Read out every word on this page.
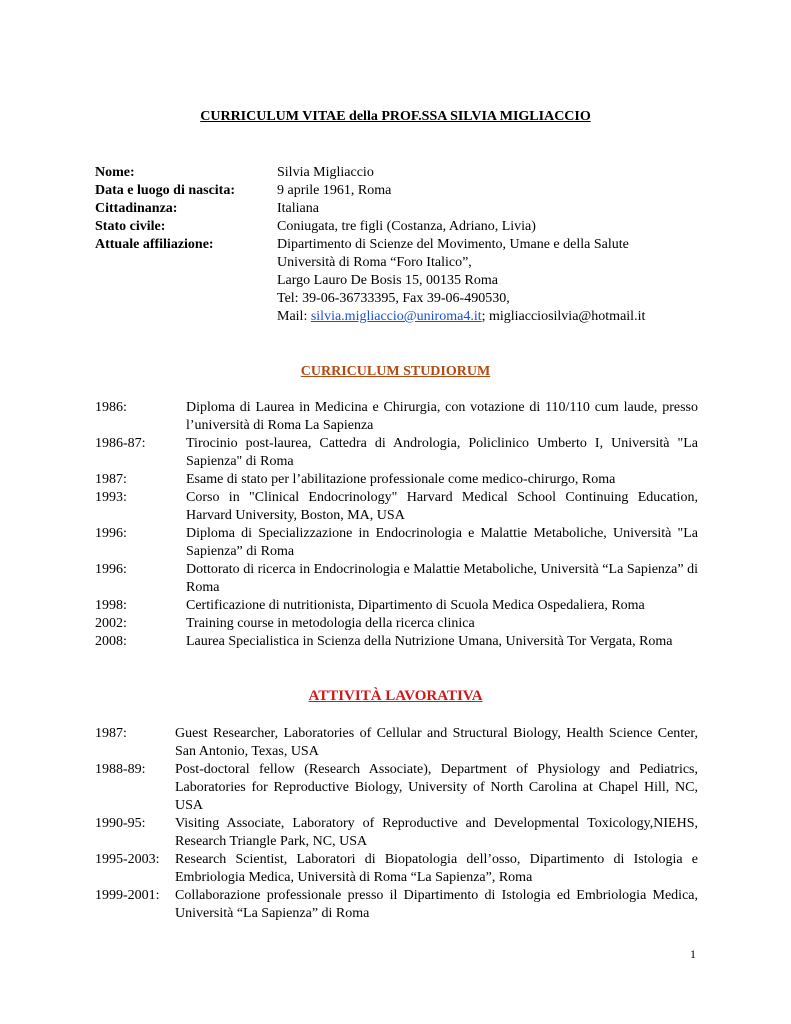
CURRICULUM VITAE della PROF.SSA SILVIA MIGLIACCIO
Nome:	Silvia Migliaccio
Data e luogo di nascita:	9 aprile 1961, Roma
Cittadinanza:	Italiana
Stato civile:	Coniugata, tre figli (Costanza, Adriano, Livia)
Attuale affiliazione:	Dipartimento di Scienze del Movimento, Umane e della Salute
Università di Roma “Foro Italico”,
Largo Lauro De Bosis 15, 00135 Roma
Tel: 39-06-36733395, Fax 39-06-490530,
Mail: silvia.migliaccio@uniroma4.it; migliacciosilvia@hotmail.it
CURRICULUM STUDIORUM
1986:	Diploma di Laurea in Medicina e Chirurgia, con votazione di 110/110 cum laude, presso l’università di Roma La Sapienza
1986-87:	Tirocinio post-laurea, Cattedra di Andrologia, Policlinico Umberto I, Università "La Sapienza" di Roma
1987:	Esame di stato per l’abilitazione professionale come medico-chirurgo, Roma
1993:	Corso in "Clinical Endocrinology" Harvard Medical School Continuing Education, Harvard University, Boston, MA, USA
1996:	Diploma di Specializzazione in Endocrinologia e Malattie Metaboliche, Università "La Sapienza” di Roma
1996:	Dottorato di ricerca in Endocrinologia e Malattie Metaboliche, Università “La Sapienza” di Roma
1998:	Certificazione di nutritionista, Dipartimento di Scuola Medica Ospedaliera, Roma
2002:	Training course in metodologia della ricerca clinica
2008:	Laurea Specialistica in Scienza della Nutrizione Umana, Università Tor Vergata, Roma
ATTIVITÀ LAVORATIVA
1987:	Guest Researcher, Laboratories of Cellular and Structural Biology, Health Science Center, San Antonio, Texas, USA
1988-89:	Post-doctoral fellow (Research Associate), Department of Physiology and Pediatrics, Laboratories for Reproductive Biology, University of North Carolina at Chapel Hill, NC, USA
1990-95:	Visiting Associate, Laboratory of Reproductive and Developmental Toxicology,NIEHS, Research Triangle Park, NC, USA
1995-2003:	Research Scientist, Laboratori di Biopatologia dell’osso, Dipartimento di Istologia e Embriologia Medica, Università di Roma “La Sapienza”, Roma
1999-2001:	Collaborazione professionale presso il Dipartimento di Istologia ed Embriologia Medica, Università “La Sapienza” di Roma
1
